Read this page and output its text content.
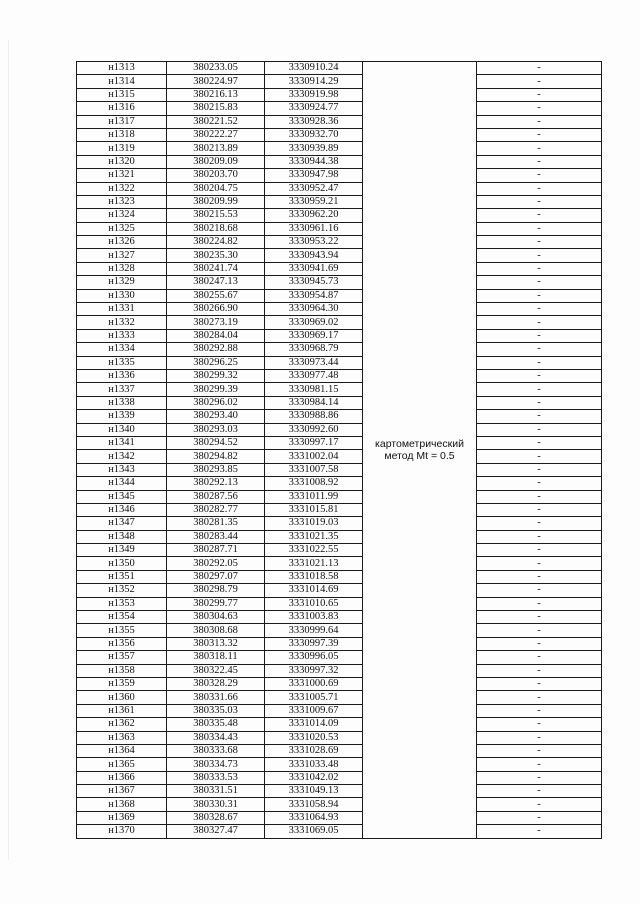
н1313	380233.05	3330910.24	картометрический
метод Mt = 0.5	-
н1314	380224.97	3330914.29		-
н1315	380216.13	3330919.98		-
н1316	380215.83	3330924.77		-
н1317	380221.52	3330928.36		-
н1318	380222.27	3330932.70		-
н1319	380213.89	3330939.89		-
н1320	380209.09	3330944.38		-
н1321	380203.70	3330947.98		-
н1322	380204.75	3330952.47		-
н1323	380209.99	3330959.21		-
н1324	380215.53	3330962.20		-
н1325	380218.68	3330961.16		-
н1326	380224.82	3330953.22		-
н1327	380235.30	3330943.94		-
н1328	380241.74	3330941.69		-
н1329	380247.13	3330945.73		-
н1330	380255.67	3330954.87		-
н1331	380266.90	3330964.30		-
н1332	380273.19	3330969.02		-
н1333	380284.04	3330969.17		-
н1334	380292.88	3330968.79		-
н1335	380296.25	3330973.44		-
н1336	380299.32	3330977.48		-
н1337	380299.39	3330981.15		-
н1338	380296.02	3330984.14		-
н1339	380293.40	3330988.86		-
н1340	380293.03	3330992.60		-
н1341	380294.52	3330997.17		-
н1342	380294.82	3331002.04		-
н1343	380293.85	3331007.58		-
н1344	380292.13	3331008.92		-
н1345	380287.56	3331011.99		-
н1346	380282.77	3331015.81		-
н1347	380281.35	3331019.03		-
н1348	380283.44	3331021.35		-
н1349	380287.71	3331022.55		-
н1350	380292.05	3331021.13		-
н1351	380297.07	3331018.58		-
н1352	380298.79	3331014.69		-
н1353	380299.77	3331010.65		-
н1354	380304.63	3331003.83		-
н1355	380308.68	3330999.64		-
н1356	380313.32	3330997.39		-
н1357	380318.11	3330996.05		-
н1358	380322.45	3330997.32		-
н1359	380328.29	3331000.69		-
н1360	380331.66	3331005.71		-
н1361	380335.03	3331009.67		-
н1362	380335.48	3331014.09		-
н1363	380334.43	3331020.53		-
н1364	380333.68	3331028.69		-
н1365	380334.73	3331033.48		-
н1366	380333.53	3331042.02		-
н1367	380331.51	3331049.13		-
н1368	380330.31	3331058.94		-
н1369	380328.67	3331064.93		-
н1370	380327.47	3331069.05		-
